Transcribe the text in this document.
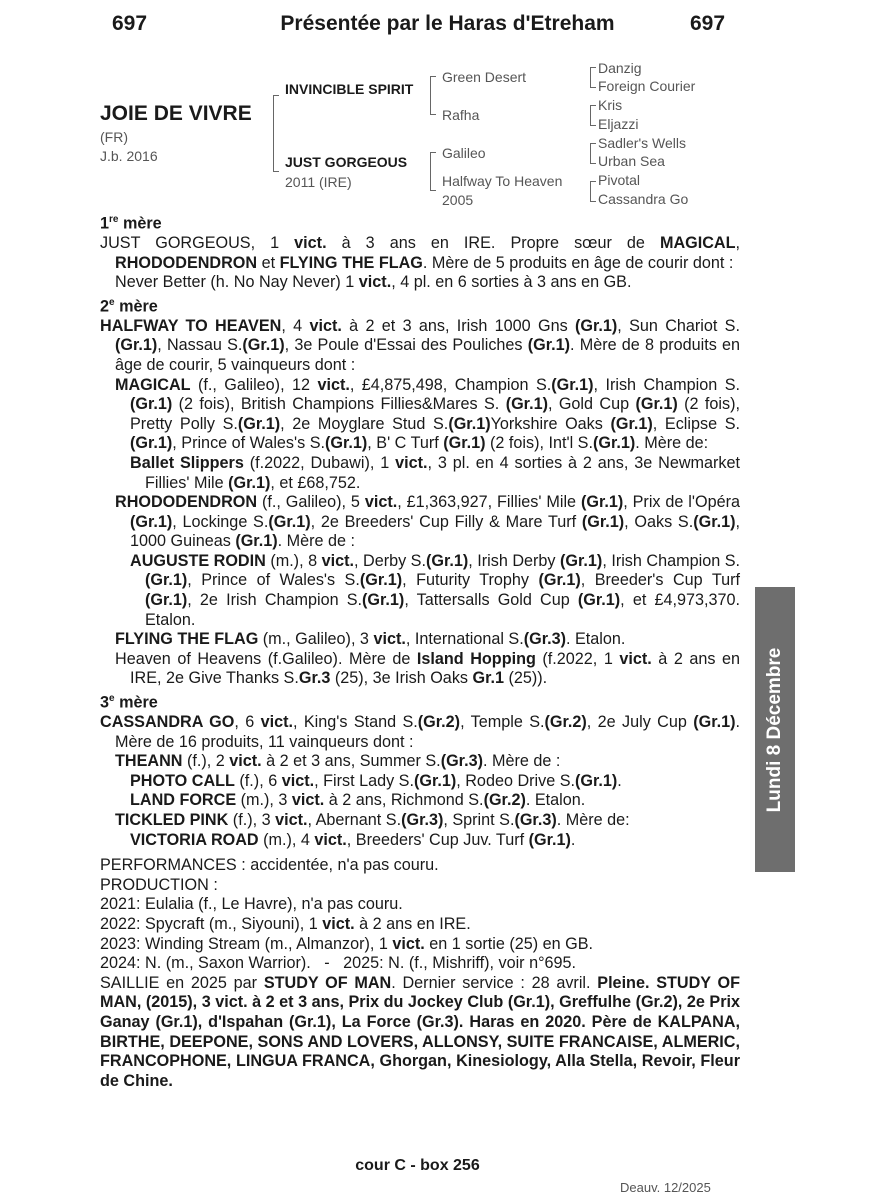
697	Présentée par le Haras d'Etreham	697
JOIE DE VIVRE
(FR)
J.b. 2016
INVINCIBLE SPIRIT
JUST GORGEOUS
2011 (IRE)
Green Desert
Rafha
Galileo
Halfway To Heaven
2005
Danzig
Foreign Courier
Kris
Eljazzi
Sadler's Wells
Urban Sea
Pivotal
Cassandra Go

1re mère

JUST GORGEOUS, 1 vict. à 3 ans en IRE. Propre sœur de MAGICAL, RHODODENDRON et FLYING THE FLAG. Mère de 5 produits en âge de courir dont :

Never Better (h. No Nay Never) 1 vict., 4 pl. en 6 sorties à 3 ans en GB.

2e mère

HALFWAY TO HEAVEN, 4 vict. à 2 et 3 ans, Irish 1000 Gns (Gr.1), Sun Chariot S.(Gr.1), Nassau S.(Gr.1), 3e Poule d'Essai des Pouliches (Gr.1). Mère de 8 produits en âge de courir, 5 vainqueurs dont :

MAGICAL (f., Galileo), 12 vict., £4,875,498, Champion S.(Gr.1), Irish Champion S.(Gr.1) (2 fois), British Champions Fillies&Mares S. (Gr.1), Gold Cup (Gr.1) (2 fois), Pretty Polly S.(Gr.1), 2e Moyglare Stud S.(Gr.1)Yorkshire Oaks (Gr.1), Eclipse S.(Gr.1), Prince of Wales's S.(Gr.1), B' C Turf (Gr.1) (2 fois), Int'l S.(Gr.1). Mère de:

Ballet Slippers (f.2022, Dubawi), 1 vict., 3 pl. en 4 sorties à 2 ans, 3e Newmarket Fillies' Mile (Gr.1), et £68,752.

RHODODENDRON (f., Galileo), 5 vict., £1,363,927, Fillies' Mile (Gr.1), Prix de l'Opéra (Gr.1), Lockinge S.(Gr.1), 2e Breeders' Cup Filly & Mare Turf (Gr.1), Oaks S.(Gr.1), 1000 Guineas (Gr.1). Mère de :

AUGUSTE RODIN (m.), 8 vict., Derby S.(Gr.1), Irish Derby (Gr.1), Irish Champion S.(Gr.1), Prince of Wales's S.(Gr.1), Futurity Trophy (Gr.1), Breeder's Cup Turf (Gr.1), 2e Irish Champion S.(Gr.1), Tattersalls Gold Cup (Gr.1), et £4,973,370. Etalon.

FLYING THE FLAG (m., Galileo), 3 vict., International S.(Gr.3). Etalon.

Heaven of Heavens (f.Galileo). Mère de Island Hopping (f.2022, 1 vict. à 2 ans en IRE, 2e Give Thanks S.Gr.3 (25), 3e Irish Oaks Gr.1 (25)).

3e mère

CASSANDRA GO, 6 vict., King's Stand S.(Gr.2), Temple S.(Gr.2), 2e July Cup (Gr.1). Mère de 16 produits, 11 vainqueurs dont :

THEANN (f.), 2 vict. à 2 et 3 ans, Summer S.(Gr.3). Mère de :

PHOTO CALL (f.), 6 vict., First Lady S.(Gr.1), Rodeo Drive S.(Gr.1).

LAND FORCE (m.), 3 vict. à 2 ans, Richmond S.(Gr.2). Etalon.

TICKLED PINK (f.), 3 vict., Abernant S.(Gr.3), Sprint S.(Gr.3). Mère de:

VICTORIA ROAD (m.), 4 vict., Breeders' Cup Juv. Turf (Gr.1).

PERFORMANCES : accidentée, n'a pas couru.

PRODUCTION :

2021: Eulalia (f., Le Havre), n'a pas couru.

2022: Spycraft (m., Siyouni), 1 vict. à 2 ans en IRE.

2023: Winding Stream (m., Almanzor), 1 vict. en 1 sortie (25) en GB.

2024: N. (m., Saxon Warrior).   -   2025: N. (f., Mishriff), voir n°695.

SAILLIE en 2025 par STUDY OF MAN. Dernier service : 28 avril. Pleine. STUDY OF MAN, (2015), 3 vict. à 2 et 3 ans, Prix du Jockey Club (Gr.1), Greffulhe (Gr.2), 2e Prix Ganay (Gr.1), d'Ispahan (Gr.1), La Force (Gr.3). Haras en 2020. Père de KALPANA, BIRTHE, DEEPONE, SONS AND LOVERS, ALLONSY, SUITE FRANCAISE, ALMERIC, FRANCOPHONE, LINGUA FRANCA, Ghorgan, Kinesiology, Alla Stella, Revoir, Fleur de Chine.

Lundi 8 Décembre
cour C - box 256
Deauv. 12/2025
